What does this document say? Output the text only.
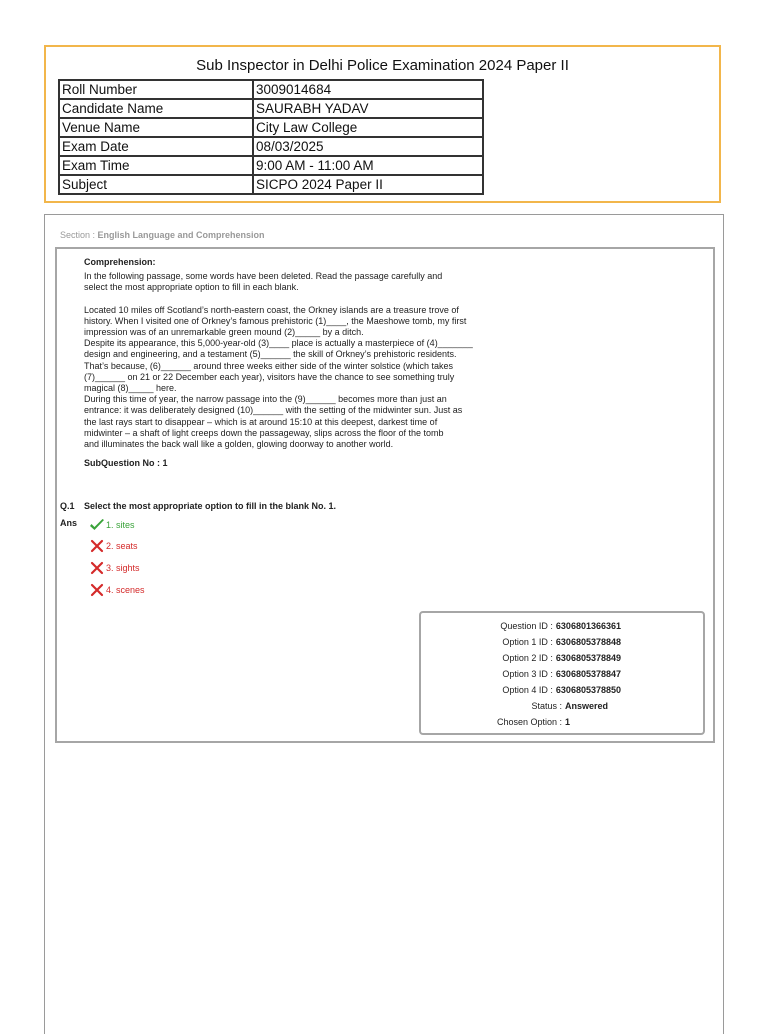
Sub Inspector in Delhi Police Examination 2024 Paper II
Roll Number	3009014684
Candidate Name	SAURABH YADAV
Venue Name	City Law College
Exam Date	08/03/2025
Exam Time	9:00 AM - 11:00 AM
Subject	SICPO 2024 Paper II
Section : English Language and Comprehension
Comprehension:
In the following passage, some words have been deleted. Read the passage carefully and
select the most appropriate option to fill in each blank.
Located 10 miles off Scotland’s north-eastern coast, the Orkney islands are a treasure trove of
history. When I visited one of Orkney’s famous prehistoric (1)____, the Maeshowe tomb, my first
impression was of an unremarkable green mound (2)_____ by a ditch.
Despite its appearance, this 5,000-year-old (3)____ place is actually a masterpiece of (4)_______
design and engineering, and a testament (5)______ the skill of Orkney’s prehistoric residents.
That’s because, (6)______ around three weeks either side of the winter solstice (which takes
(7)______ on 21 or 22 December each year), visitors have the chance to see something truly
magical (8)_____ here.
During this time of year, the narrow passage into the (9)______ becomes more than just an
entrance: it was deliberately designed (10)______ with the setting of the midwinter sun. Just as
the last rays start to disappear – which is at around 15:10 at this deepest, darkest time of
midwinter – a shaft of light creeps down the passageway, slips across the floor of the tomb
and illuminates the back wall like a golden, glowing doorway to another world.
SubQuestion No : 1
Q.1 Select the most appropriate option to fill in the blank No. 1.
Ans	1. sites
2. seats
3. sights
4. scenes
Question ID : 6306801366361
Option 1 ID : 6306805378848
Option 2 ID : 6306805378849
Option 3 ID : 6306805378847
Option 4 ID : 6306805378850
Status : Answered
Chosen Option : 1
